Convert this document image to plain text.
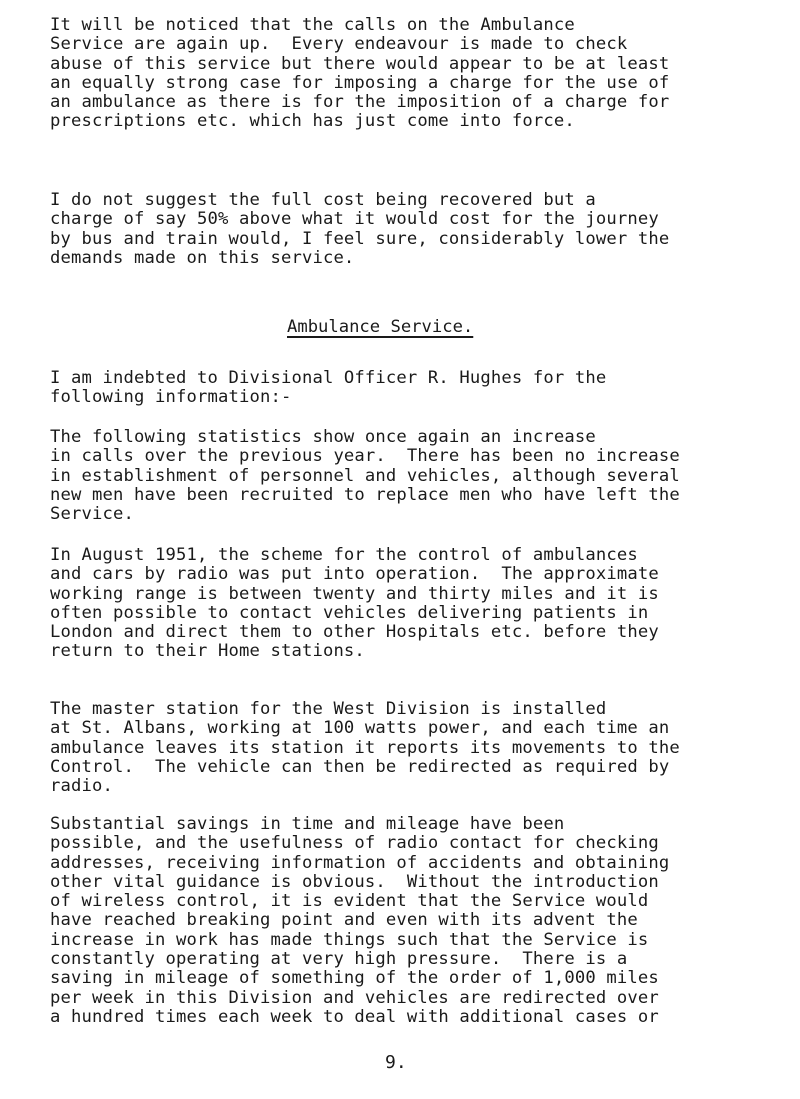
It will be noticed that the calls on the Ambulance
Service are again up.  Every endeavour is made to check
abuse of this service but there would appear to be at least
an equally strong case for imposing a charge for the use of
an ambulance as there is for the imposition of a charge for
prescriptions etc. which has just come into force.

I do not suggest the full cost being recovered but a
charge of say 50% above what it would cost for the journey
by bus and train would, I feel sure, considerably lower the
demands made on this service.

Ambulance Service.

I am indebted to Divisional Officer R. Hughes for the
following information:-

The following statistics show once again an increase
in calls over the previous year.  There has been no increase
in establishment of personnel and vehicles, although several
new men have been recruited to replace men who have left the
Service.

In August 1951, the scheme for the control of ambulances
and cars by radio was put into operation.  The approximate
working range is between twenty and thirty miles and it is
often possible to contact vehicles delivering patients in
London and direct them to other Hospitals etc. before they
return to their Home stations.

The master station for the West Division is installed
at St. Albans, working at 100 watts power, and each time an
ambulance leaves its station it reports its movements to the
Control.  The vehicle can then be redirected as required by
radio.

Substantial savings in time and mileage have been
possible, and the usefulness of radio contact for checking
addresses, receiving information of accidents and obtaining
other vital guidance is obvious.  Without the introduction
of wireless control, it is evident that the Service would
have reached breaking point and even with its advent the
increase in work has made things such that the Service is
constantly operating at very high pressure.  There is a
saving in mileage of something of the order of 1,000 miles
per week in this Division and vehicles are redirected over
a hundred times each week to deal with additional cases or

9.
